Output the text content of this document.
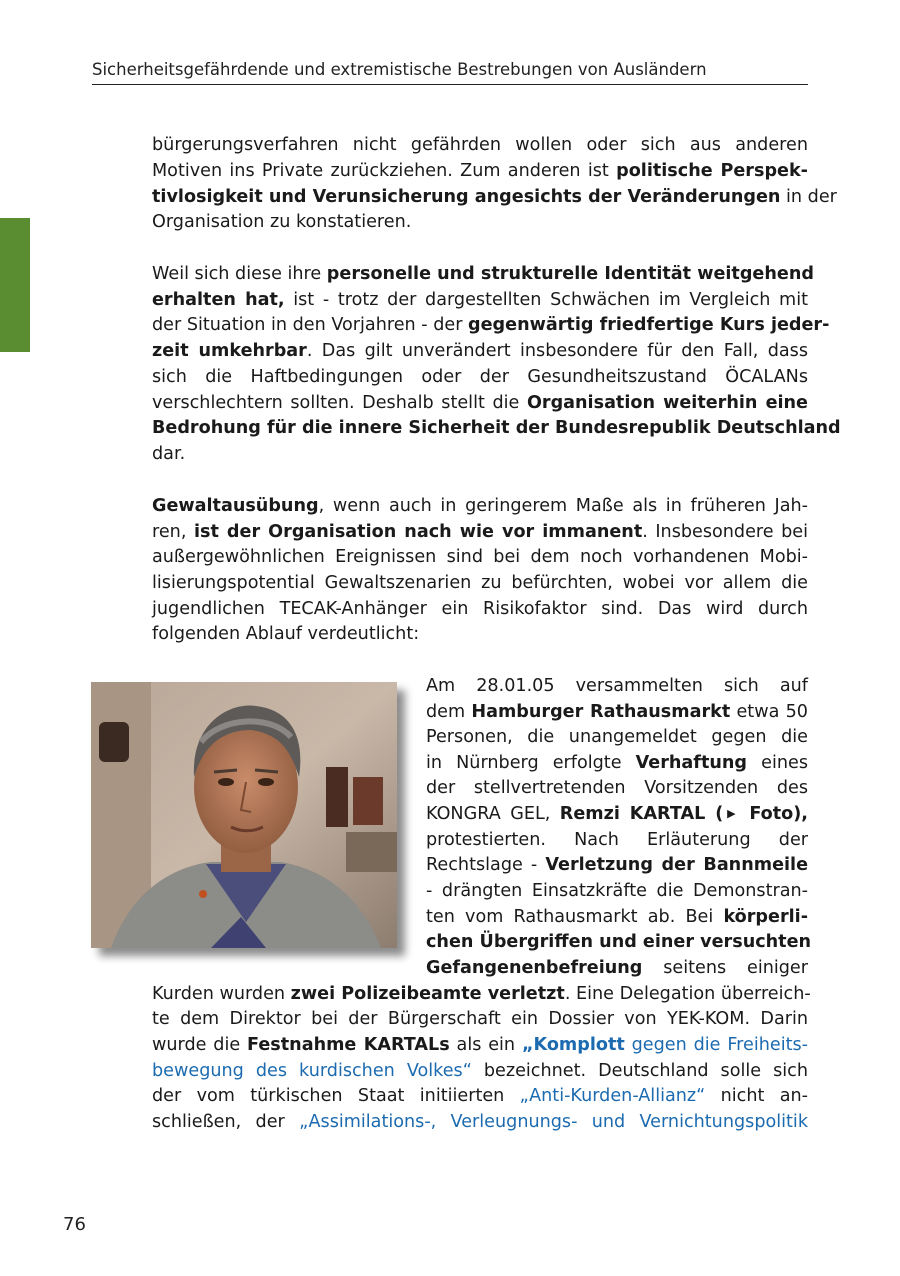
Sicherheitsgefährdende und extremistische Bestrebungen von Ausländern
bürgerungsverfahren nicht gefährden wollen oder sich aus anderen
Motiven ins Private zurückziehen. Zum anderen ist politische Perspek-
tivlosigkeit und Verunsicherung angesichts der Veränderungen in der
Organisation zu konstatieren.
Weil sich diese ihre personelle und strukturelle Identität weitgehend
erhalten hat, ist - trotz der dargestellten Schwächen im Vergleich mit
der Situation in den Vorjahren - der gegenwärtig friedfertige Kurs jeder-
zeit umkehrbar. Das gilt unverändert insbesondere für den Fall, dass
sich die Haftbedingungen oder der Gesundheitszustand ÖCALANs
verschlechtern sollten. Deshalb stellt die Organisation weiterhin eine
Bedrohung für die innere Sicherheit der Bundesrepublik Deutschland
dar.
Gewaltausübung, wenn auch in geringerem Maße als in früheren Jah-
ren, ist der Organisation nach wie vor immanent. Insbesondere bei
außergewöhnlichen Ereignissen sind bei dem noch vorhandenen Mobi-
lisierungspotential Gewaltszenarien zu befürchten, wobei vor allem die
jugendlichen TECAK-Anhänger ein Risikofaktor sind. Das wird durch
folgenden Ablauf verdeutlicht:
Am 28.01.05 versammelten sich auf
dem Hamburger Rathausmarkt etwa 50
Personen, die unangemeldet gegen die
in Nürnberg erfolgte Verhaftung eines
der stellvertretenden Vorsitzenden des
KONGRA GEL, Remzi KARTAL (▶ Foto),
protestierten. Nach Erläuterung der
Rechtslage - Verletzung der Bannmeile
- drängten Einsatzkräfte die Demonstran-
ten vom Rathausmarkt ab. Bei körperli-
chen Übergriffen und einer versuchten
Gefangenenbefreiung seitens einiger
Kurden wurden zwei Polizeibeamte verletzt. Eine Delegation überreich-
te dem Direktor bei der Bürgerschaft ein Dossier von YEK-KOM. Darin
wurde die Festnahme KARTALs als ein „Komplott gegen die Freiheits-
bewegung des kurdischen Volkes“ bezeichnet. Deutschland solle sich
der vom türkischen Staat initiierten „Anti-Kurden-Allianz“ nicht an-
schließen, der „Assimilations-, Verleugnungs- und Vernichtungspolitik
76
